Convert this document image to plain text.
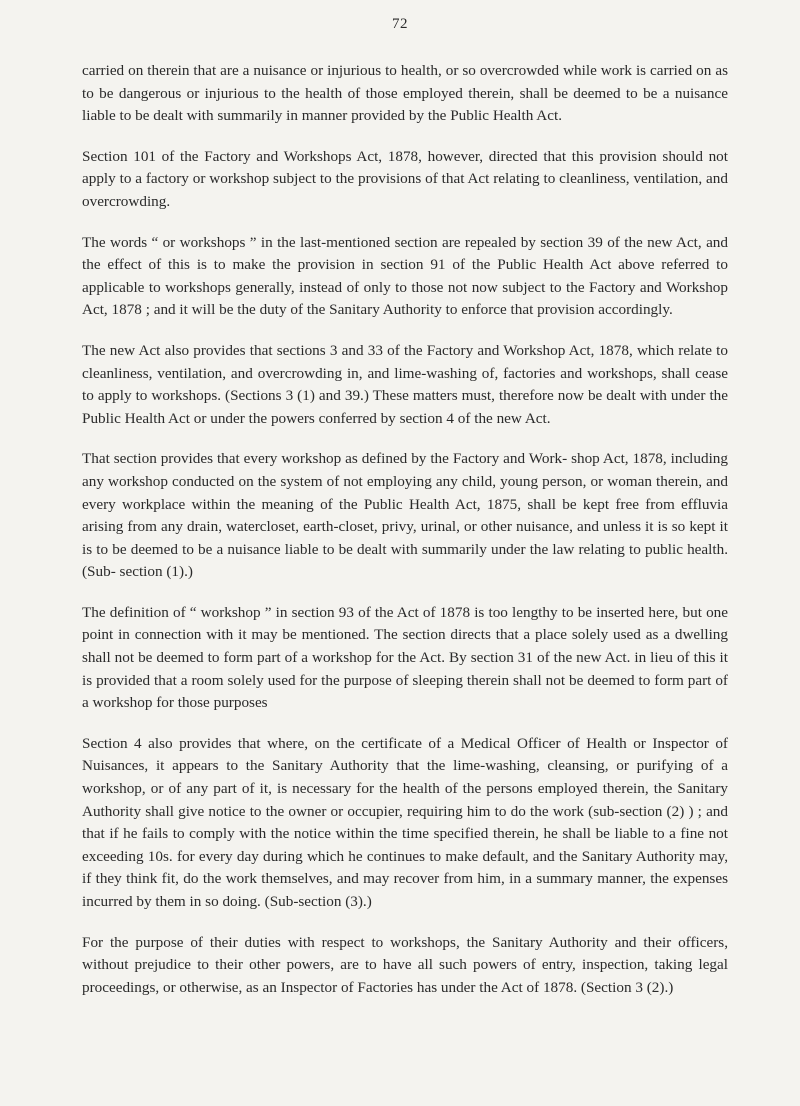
72

carried on therein that are a nuisance or injurious to health, or so overcrowded while work is carried on as to be dangerous or injurious to the health of those employed therein, shall be deemed to be a nuisance liable to be dealt with summarily in manner provided by the Public Health Act.

Section 101 of the Factory and Workshops Act, 1878, however, directed that this provision should not apply to a factory or workshop subject to the provisions of that Act relating to cleanliness, ventilation, and overcrowding.

The words “ or workshops ” in the last-mentioned section are repealed by section 39 of the new Act, and the effect of this is to make the provision in section 91 of the Public Health Act above referred to applicable to workshops generally, instead of only to those not now subject to the Factory and Workshop Act, 1878 ; and it will be the duty of the Sanitary Authority to enforce that provision accordingly.

The new Act also provides that sections 3 and 33 of the Factory and Workshop Act, 1878, which relate to cleanliness, ventilation, and overcrowding in, and lime-washing of, factories and workshops, shall cease to apply to workshops. (Sections 3 (1) and 39.) These matters must, therefore now be dealt with under the Public Health Act or under the powers conferred by section 4 of the new Act.

That section provides that every workshop as defined by the Factory and Work- shop Act, 1878, including any workshop conducted on the system of not employing any child, young person, or woman therein, and every workplace within the meaning of the Public Health Act, 1875, shall be kept free from effluvia arising from any drain, watercloset, earth-closet, privy, urinal, or other nuisance, and unless it is so kept it is to be deemed to be a nuisance liable to be dealt with summarily under the law relating to public health. (Sub- section (1).)

The definition of “ workshop ” in section 93 of the Act of 1878 is too lengthy to be inserted here, but one point in connection with it may be mentioned. The section directs that a place solely used as a dwelling shall not be deemed to form part of a workshop for the Act. By section 31 of the new Act. in lieu of this it is provided that a room solely used for the purpose of sleeping therein shall not be deemed to form part of a workshop for those purposes

Section 4 also provides that where, on the certificate of a Medical Officer of Health or Inspector of Nuisances, it appears to the Sanitary Authority that the lime-washing, cleansing, or purifying of a workshop, or of any part of it, is necessary for the health of the persons employed therein, the Sanitary Authority shall give notice to the owner or occupier, requiring him to do the work (sub-section (2) ) ; and that if he fails to comply with the notice within the time specified therein, he shall be liable to a fine not exceeding 10s. for every day during which he continues to make default, and the Sanitary Authority may, if they think fit, do the work themselves, and may recover from him, in a summary manner, the expenses incurred by them in so doing. (Sub-section (3).)

For the purpose of their duties with respect to workshops, the Sanitary Authority and their officers, without prejudice to their other powers, are to have all such powers of entry, inspection, taking legal proceedings, or otherwise, as an Inspector of Factories has under the Act of 1878. (Section 3 (2).)
